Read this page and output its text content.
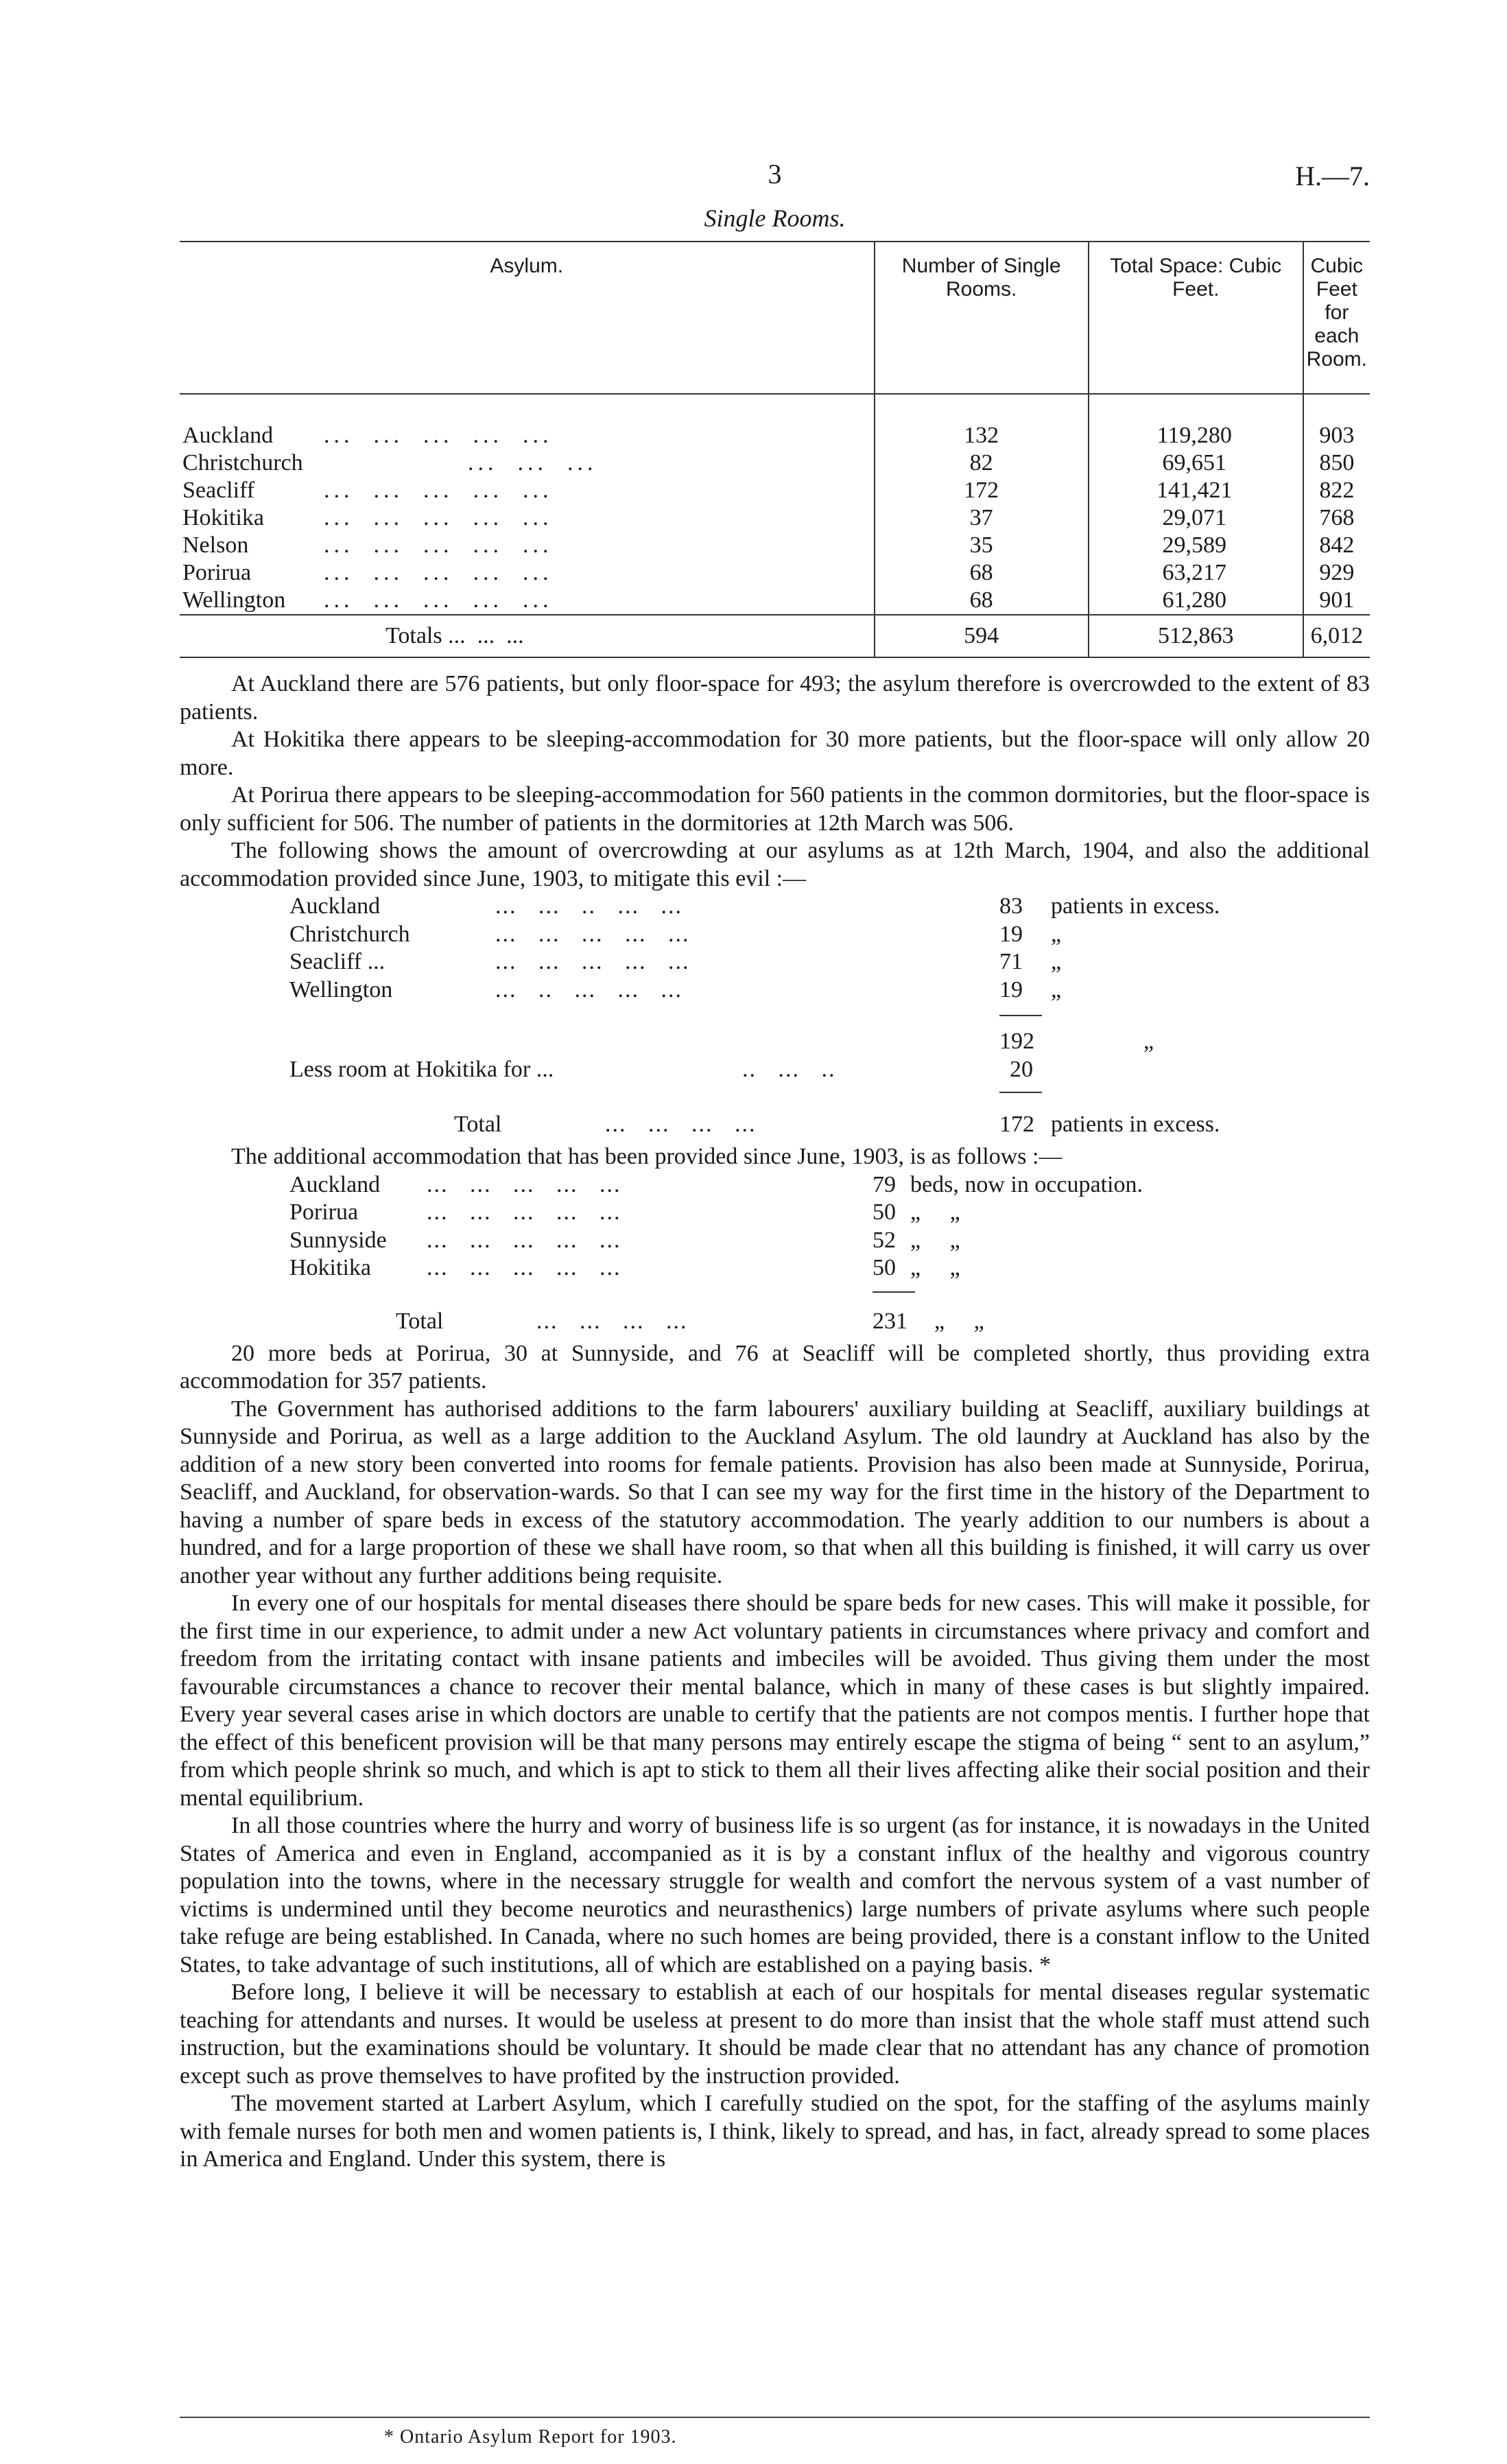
3	H.—7.
Single Rooms.
Asylum.	Number of Single Rooms.	Total Space: Cubic Feet.	Cubic Feet for each Room.
Auckland ...  ...  ...  ...  ...	132	119,280	903
Christchurch ...  ...  ...	82	69,651	850
Seacliff ...  ...  ...  ...  ...	172	141,421	822
Hokitika ...  ...  ...  ...  ...	37	29,071	768
Nelson ...  ...  ...  ...  ...	35	29,589	842
Porirua ...  ...  ...  ...  ...	68	63,217	929
Wellington ...  ...  ...  ...  ...	68	61,280	901
Totals ...  ...  ...	594	512,863	6,012

At Auckland there are 576 patients, but only floor-space for 493; the asylum therefore is overcrowded to the extent of 83 patients.

At Hokitika there appears to be sleeping-accommodation for 30 more patients, but the floor-space will only allow 20 more.

At Porirua there appears to be sleeping-accommodation for 560 patients in the common dormitories, but the floor-space is only sufficient for 506. The number of patients in the dormitories at 12th March was 506.

The following shows the amount of overcrowding at our asylums as at 12th March, 1904, and also the additional accommodation provided since June, 1903, to mitigate this evil :—

Auckland	...   ...   ..   ...   ...	83 patients in excess.
Christchurch	...   ...   ...   ...   ...	19 „
Seacliff ...	...   ...   ...   ...   ...	71 „
Wellington	...   ..   ...   ...   ...	19 „
192	„
Less room at Hokitika for ...	..   ...   ..	20
Total	...   ...   ...   ...	172 patients in excess.

The additional accommodation that has been provided since June, 1903, is as follows :—

Auckland ...   ...   ...   ...   ...	79 beds, now in occupation.
Porirua	...   ...   ...   ...   ...	50 „     „
Sunnyside ...   ...   ...   ...   ...	52 „     „
Hokitika ...   ...   ...   ...   ...	50 „     „
Total	...   ...   ...   ...	231 „     „

20 more beds at Porirua, 30 at Sunnyside, and 76 at Seacliff will be completed shortly, thus providing extra accommodation for 357 patients.

The Government has authorised additions to the farm labourers' auxiliary building at Seacliff, auxiliary buildings at Sunnyside and Porirua, as well as a large addition to the Auckland Asylum. The old laundry at Auckland has also by the addition of a new story been converted into rooms for female patients. Provision has also been made at Sunnyside, Porirua, Seacliff, and Auckland, for observation-wards. So that I can see my way for the first time in the history of the Department to having a number of spare beds in excess of the statutory accommodation. The yearly addition to our numbers is about a hundred, and for a large proportion of these we shall have room, so that when all this building is finished, it will carry us over another year without any further additions being requisite.

In every one of our hospitals for mental diseases there should be spare beds for new cases. This will make it possible, for the first time in our experience, to admit under a new Act voluntary patients in circumstances where privacy and comfort and freedom from the irritating contact with insane patients and imbeciles will be avoided. Thus giving them under the most favourable circumstances a chance to recover their mental balance, which in many of these cases is but slightly impaired. Every year several cases arise in which doctors are unable to certify that the patients are not compos mentis. I further hope that the effect of this beneficent provision will be that many persons may entirely escape the stigma of being “ sent to an asylum,” from which people shrink so much, and which is apt to stick to them all their lives affecting alike their social position and their mental equilibrium.

In all those countries where the hurry and worry of business life is so urgent (as for instance, it is nowadays in the United States of America and even in England, accompanied as it is by a constant influx of the healthy and vigorous country population into the towns, where in the necessary struggle for wealth and comfort the nervous system of a vast number of victims is undermined until they become neurotics and neurasthenics) large numbers of private asylums where such people take refuge are being established. In Canada, where no such homes are being provided, there is a constant inflow to the United States, to take advantage of such institutions, all of which are established on a paying basis. *

Before long, I believe it will be necessary to establish at each of our hospitals for mental diseases regular systematic teaching for attendants and nurses. It would be useless at present to do more than insist that the whole staff must attend such instruction, but the examinations should be voluntary. It should be made clear that no attendant has any chance of promotion except such as prove themselves to have profited by the instruction provided.

The movement started at Larbert Asylum, which I carefully studied on the spot, for the staffing of the asylums mainly with female nurses for both men and women patients is, I think, likely to spread, and has, in fact, already spread to some places in America and England. Under this system, there is

* Ontario Asylum Report for 1903.
